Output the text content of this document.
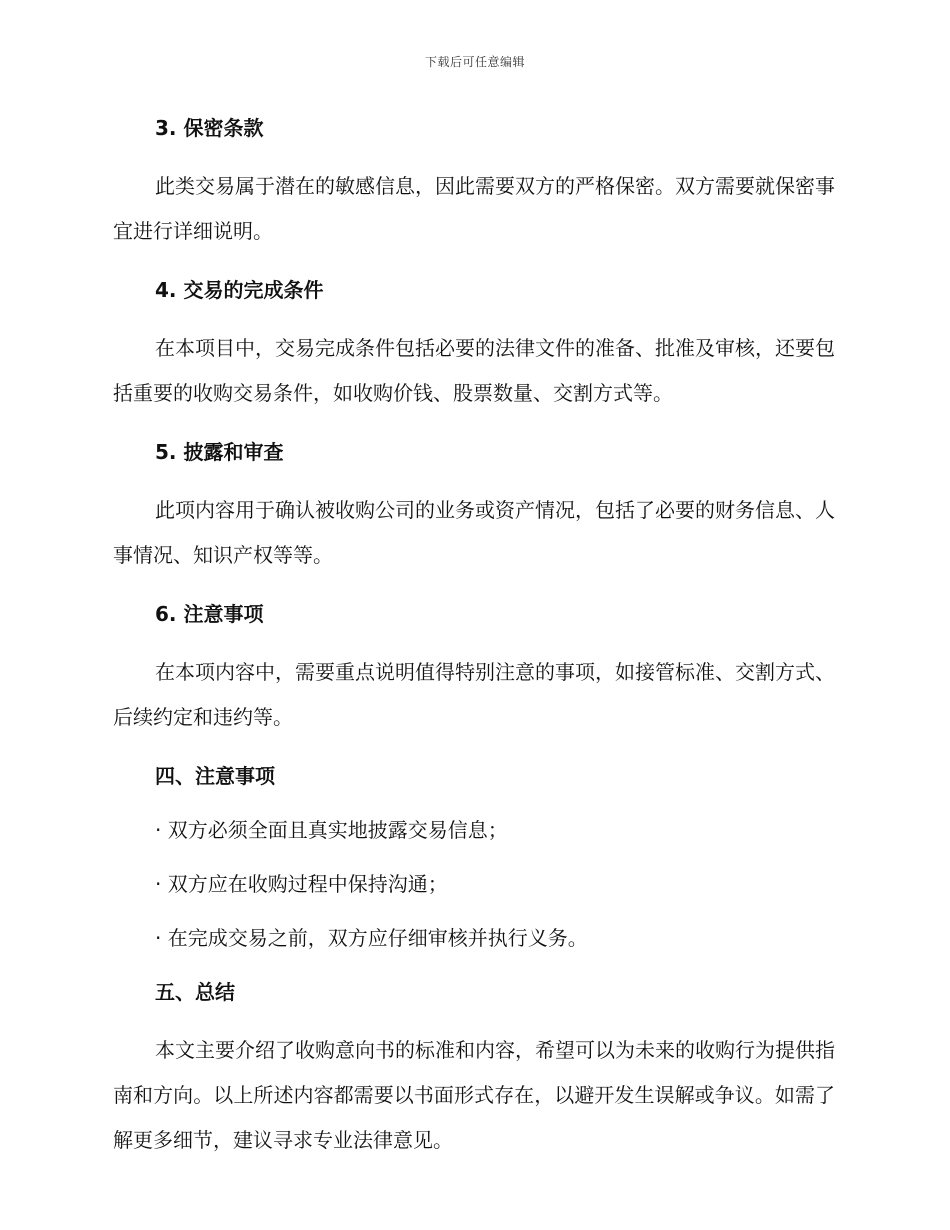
下载后可任意编辑
3. 保密条款
此类交易属于潜在的敏感信息，因此需要双方的严格保密。双方需要就保密事宜进行详细说明。
4. 交易的完成条件
在本项目中，交易完成条件包括必要的法律文件的准备、批准及审核，还要包括重要的收购交易条件，如收购价钱、股票数量、交割方式等。
5. 披露和审查
此项内容用于确认被收购公司的业务或资产情况，包括了必要的财务信息、人事情况、知识产权等等。
6. 注意事项
在本项内容中，需要重点说明值得特别注意的事项，如接管标准、交割方式、后续约定和违约等。
四、注意事项
· 双方必须全面且真实地披露交易信息；
· 双方应在收购过程中保持沟通；
· 在完成交易之前，双方应仔细审核并执行义务。
五、总结
本文主要介绍了收购意向书的标准和内容，希望可以为未来的收购行为提供指南和方向。以上所述内容都需要以书面形式存在，以避开发生误解或争议。如需了解更多细节，建议寻求专业法律意见。
